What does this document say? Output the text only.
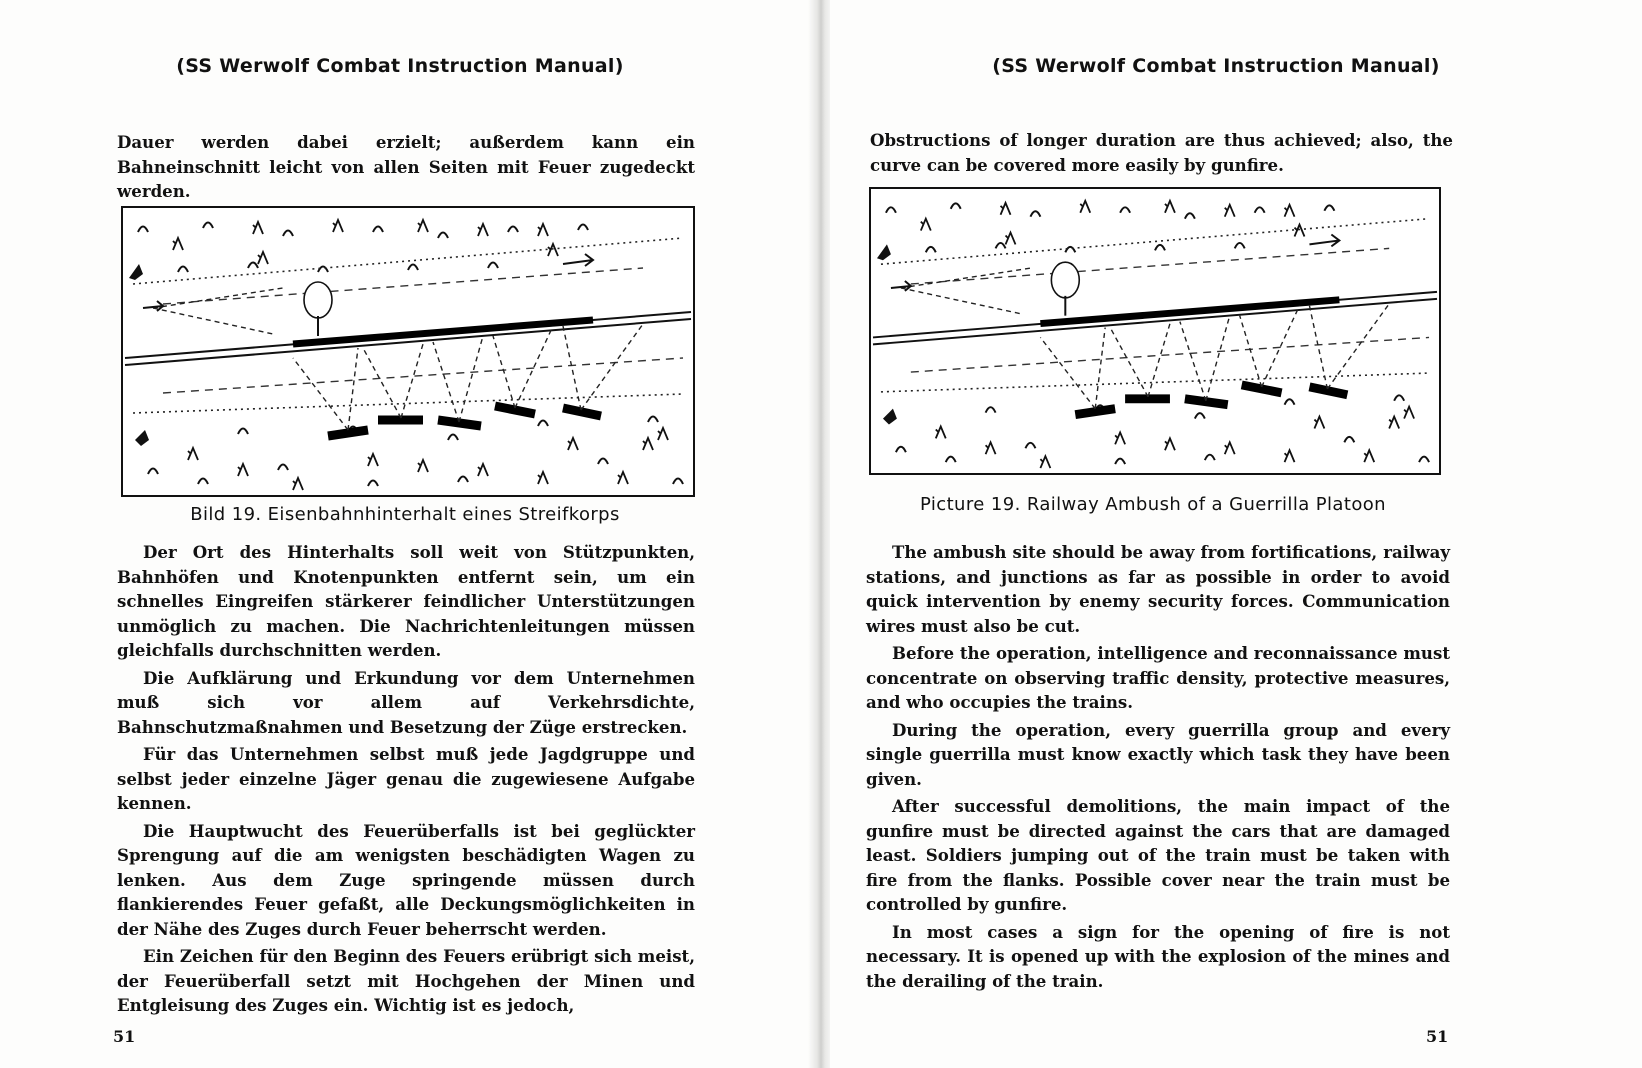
(SS Werwolf Combat Instruction Manual)

Dauer werden dabei erzielt; außerdem kann ein Bahneinschnitt leicht von allen Seiten mit Feuer zugedeckt werden.

Bild 19. Eisenbahnhinterhalt eines Streifkorps

Der Ort des Hinterhalts soll weit von Stützpunkten, Bahnhöfen und Knotenpunkten entfernt sein, um ein schnelles Eingreifen stärkerer feindlicher Unterstützungen unmöglich zu machen. Die Nachrichtenleitungen müssen gleichfalls durchschnitten werden.

Die Aufklärung und Erkundung vor dem Unternehmen muß sich vor allem auf Verkehrsdichte, Bahnschutzmaßnahmen und Besetzung der Züge erstrecken.

Für das Unternehmen selbst muß jede Jagdgruppe und selbst jeder einzelne Jäger genau die zugewiesene Aufgabe kennen.

Die Hauptwucht des Feuerüberfalls ist bei geglückter Sprengung auf die am wenigsten beschädigten Wagen zu lenken. Aus dem Zuge springende müssen durch flankierendes Feuer gefaßt, alle Deckungsmöglichkeiten in der Nähe des Zuges durch Feuer beherrscht werden.

Ein Zeichen für den Beginn des Feuers erübrigt sich meist, der Feuerüberfall setzt mit Hochgehen der Minen und Entgleisung des Zuges ein. Wichtig ist es jedoch,

51
(SS Werwolf Combat Instruction Manual)

Obstructions of longer duration are thus achieved; also, the curve can be covered more easily by gunfire.

Picture 19. Railway Ambush of a Guerrilla Platoon

The ambush site should be away from fortifications, railway stations, and junctions as far as possible in order to avoid quick intervention by enemy security forces. Communication wires must also be cut.

Before the operation, intelligence and reconnaissance must concentrate on observing traffic density, protective measures, and who occupies the trains.

During the operation, every guerrilla group and every single guerrilla must know exactly which task they have been given.

After successful demolitions, the main impact of the gunfire must be directed against the cars that are damaged least. Soldiers jumping out of the train must be taken with fire from the flanks. Possible cover near the train must be controlled by gunfire.

In most cases a sign for the opening of fire is not necessary. It is opened up with the explosion of the mines and the derailing of the train.

51
